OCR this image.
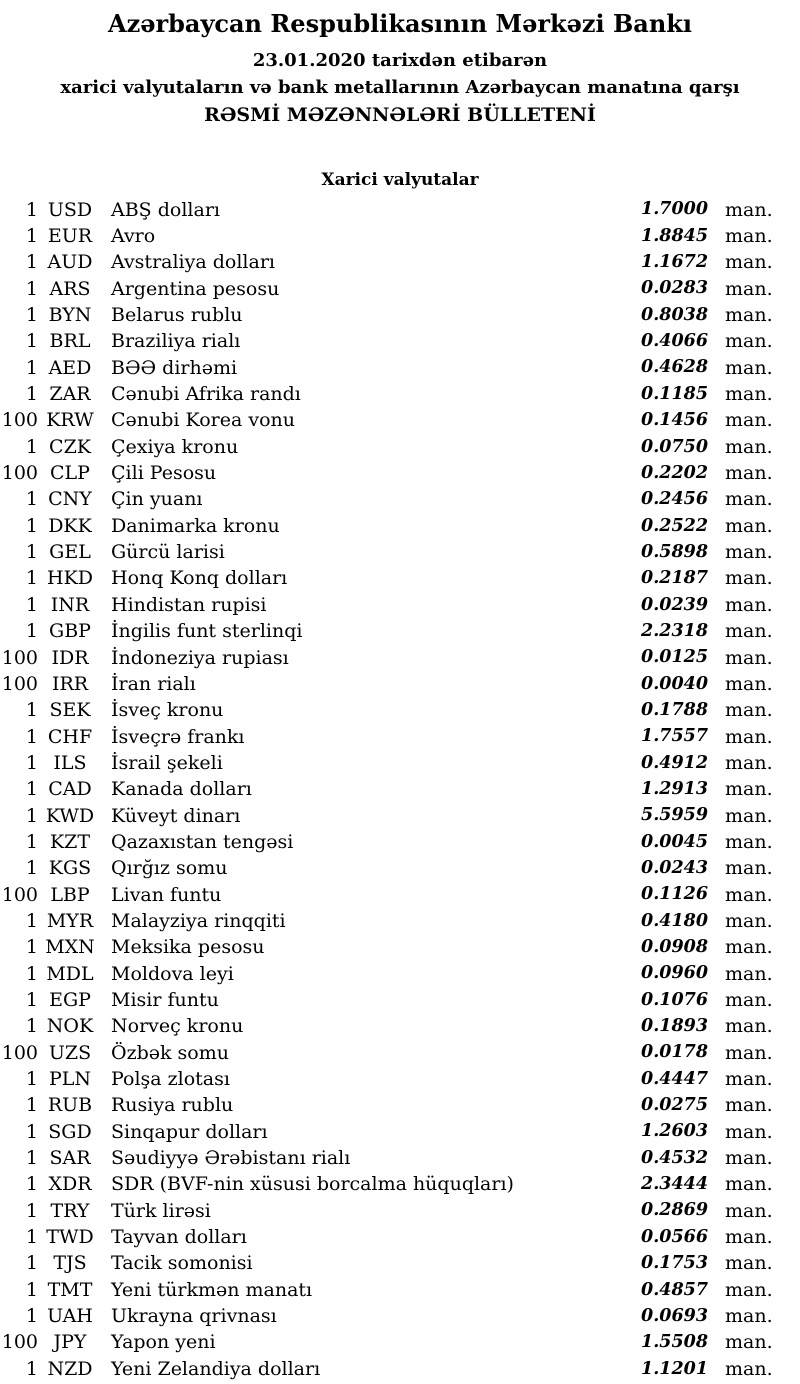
Azərbaycan Respublikasının Mərkəzi Bankı
23.01.2020 tarixdən etibarən
xarici valyutaların və bank metallarının Azərbaycan manatına qarşı
RƏSMİ MƏZƏNNƏLƏRİ BÜLLETENİ
Xarici valyutalar
1 USD ABŞ dolları	1.7000 man.
1 EUR Avro	1.8845 man.
1 AUD Avstraliya dolları	1.1672 man.
1 ARS	Argentina pesosu	0.0283 man.
1 BYN	Belarus rublu	0.8038 man.
1 BRL	Braziliya rialı	0.4066 man.
1 AED	BƏƏ dirhəmi	0.4628 man.
1 ZAR	Cənubi Afrika randı	0.1185 man.
100 KRW Cənubi Korea vonu	0.1456 man.
1 CZK	Çexiya kronu	0.0750 man.
100 CLP	Çili Pesosu	0.2202 man.
1 CNY	Çin yuanı	0.2456 man.
1 DKK	Danimarka kronu	0.2522 man.
1 GEL	Gürcü larisi	0.5898 man.
1 HKD Honq Konq dolları	0.2187 man.
1 INR	Hindistan rupisi	0.0239 man.
1 GBP	İngilis funt sterlinqi	2.2318 man.
100 IDR	İndoneziya rupiası	0.0125 man.
100 IRR	İran rialı	0.0040 man.
1 SEK	İsveç kronu	0.1788 man.
1 CHF İsveçrə frankı	1.7557 man.
1 ILS	İsrail şekeli	0.4912 man.
1 CAD	Kanada dolları	1.2913 man.
1 KWD Küveyt dinarı	5.5959 man.
1 KZT	Qazaxıstan tengəsi	0.0045 man.
1 KGS	Qırğız somu	0.0243 man.
100 LBP	Livan funtu	0.1126 man.
1 MYR Malayziya rinqqiti	0.4180 man.
1 MXN Meksika pesosu	0.0908 man.
1 MDL Moldova leyi	0.0960 man.
1 EGP	Misir funtu	0.1076 man.
1 NOK Norveç kronu	0.1893 man.
100 UZS	Özbək somu	0.0178 man.
1 PLN	Polşa zlotası	0.4447 man.
1 RUB Rusiya rublu	0.0275 man.
1 SGD	Sinqapur dolları	1.2603 man.
1 SAR	Səudiyyə Ərəbistanı rialı	0.4532 man.
1 XDR	SDR (BVF-nin xüsusi borcalma hüquqları)	2.3444 man.
1 TRY	Türk lirəsi	0.2869 man.
1 TWD Tayvan dolları	0.0566 man.
1 TJS	Tacik somonisi	0.1753 man.
1 TMT Yeni türkmən manatı	0.4857 man.
1 UAH Ukrayna qrivnası	0.0693 man.
100 JPY	Yapon yeni	1.5508 man.
1 NZD Yeni Zelandiya dolları	1.1201 man.
